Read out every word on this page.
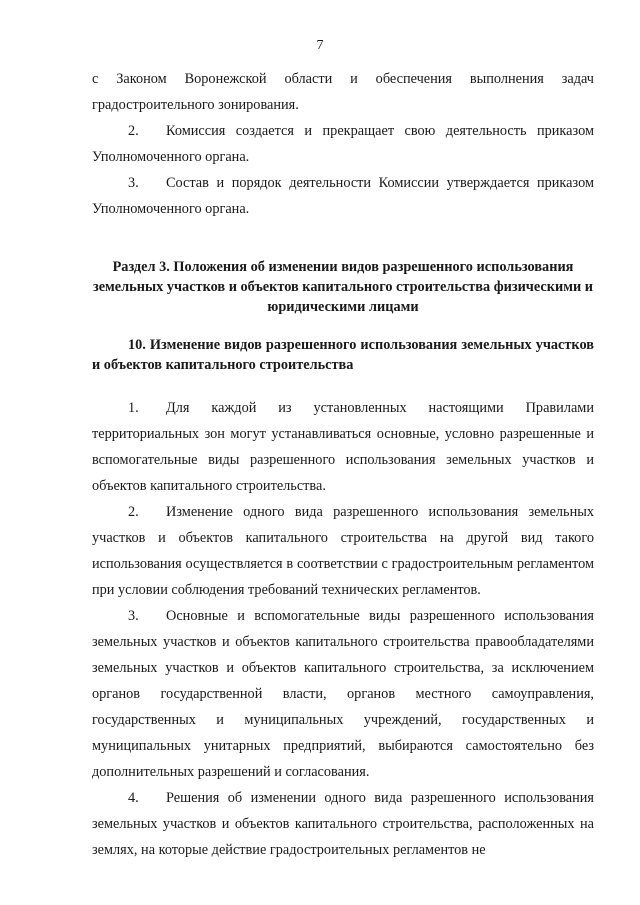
7

с Законом Воронежской области и обеспечения выполнения задач градостроительного зонирования.

2. Комиссия создается и прекращает свою деятельность приказом Уполномоченного органа.

3. Состав и порядок деятельности Комиссии утверждается приказом Уполномоченного органа.

Раздел 3. Положения об изменении видов разрешенного использования земельных участков и объектов капитального строительства физическими и юридическими лицами

10. Изменение видов разрешенного использования земельных участков и объектов капитального строительства

1. Для каждой из установленных настоящими Правилами территориальных зон могут устанавливаться основные, условно разрешенные и вспомогательные виды разрешенного использования земельных участков и объектов капитального строительства.

2. Изменение одного вида разрешенного использования земельных участков и объектов капитального строительства на другой вид такого использования осуществляется в соответствии с градостроительным регламентом при условии соблюдения требований технических регламентов.

3. Основные и вспомогательные виды разрешенного использования земельных участков и объектов капитального строительства правообладателями земельных участков и объектов капитального строительства, за исключением органов государственной власти, органов местного самоуправления, государственных и муниципальных учреждений, государственных и муниципальных унитарных предприятий, выбираются самостоятельно без дополнительных разрешений и согласования.

4. Решения об изменении одного вида разрешенного использования земельных участков и объектов капитального строительства, расположенных на землях, на которые действие градостроительных регламентов не
